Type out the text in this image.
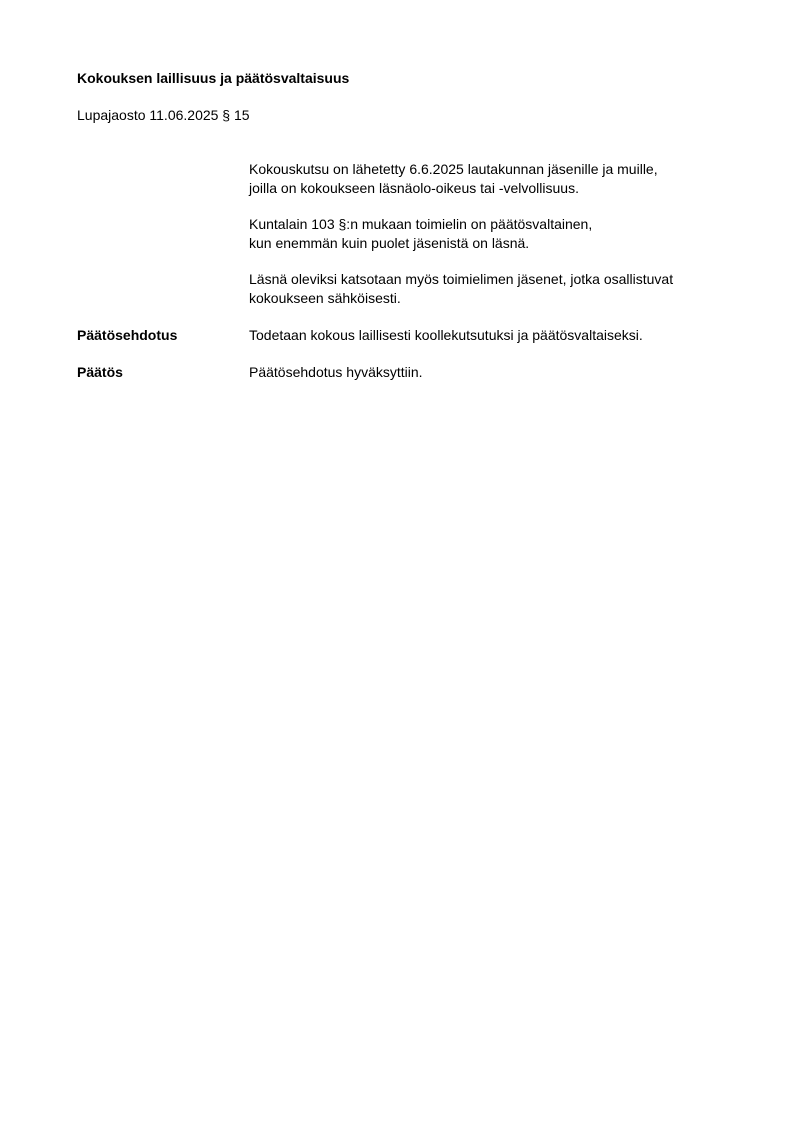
Kokouksen laillisuus ja päätösvaltaisuus
Lupajaosto 11.06.2025 § 15
Kokouskutsu on lähetetty 6.6.2025 lautakunnan jäsenille ja muille,
joilla on kokoukseen läsnäolo-oikeus tai -velvollisuus.
Kuntalain 103 §:n mukaan toimielin on päätösvaltainen,
kun enemmän kuin puolet jäsenistä on läsnä.
Läsnä oleviksi katsotaan myös toimielimen jäsenet, jotka osallistuvat
kokoukseen sähköisesti.
Päätösehdotus	Todetaan kokous laillisesti koollekutsutuksi ja päätösvaltaiseksi.
Päätös	Päätösehdotus hyväksyttiin.
